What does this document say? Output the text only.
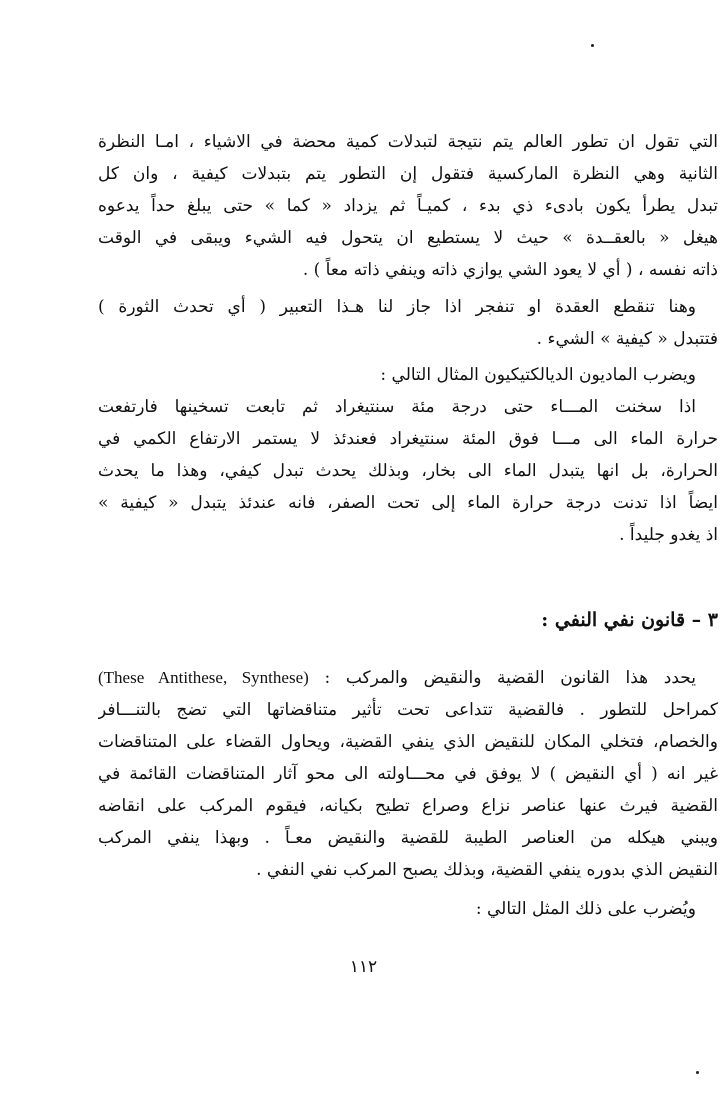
التي تقول ان تطور العالم يتم نتيجة لتبدلات كمية محضة في الاشياء ، امـا النظرة
الثانية وهي النظرة الماركسية فتقول إن التطور يتم بتبدلات كيفية ، وان كل
تبدل يطرأ يكون بادىء ذي بدء ، كميـاً ثم يزداد « كما » حتى يبلغ حداً يدعوه
هيغل « بالعقــدة » حيث لا يستطيع ان يتحول فيه الشيء ويبقى في الوقت
ذاته نفسه ، ( أي لا يعود الشي يوازي ذاته وينفي ذاته معاً ) .
وهنا تنقطع العقدة او تنفجر اذا جاز لنا هـذا التعبير ( أي تحدث الثورة )
فتتبدل « كيفية » الشيء .
ويضرب الماديون الديالكتيكيون المثال التالي :
اذا سخنت المـــاء حتى درجة مئة سنتيغراد ثم تابعت تسخينها فارتفعت
حرارة الماء الى مـــا فوق المئة سنتيغراد فعندئذ لا يستمر الارتفاع الكمي في
الحرارة، بل انها يتبدل الماء الى بخار، وبذلك يحدث تبدل كيفي، وهذا ما يحدث
ايضاً اذا تدنت درجة حرارة الماء إلى تحت الصفر، فانه عندئذ يتبدل « كيفية »
اذ يغدو جليداً .
٣ – قانون نفي النفي :
يحدد هذا القانون القضية والنقيض والمركب : (These Antithese, Synthese)
كمراحل للتطور . فالقضية تتداعى تحت تأثير متناقضاتها التي تضج بالتنـــافر
والخصام، فتخلي المكان للنقيض الذي ينفي القضية، ويحاول القضاء على المتناقضات
غير انه ( أي النقيض ) لا يوفق في محـــاولته الى محو آثار المتناقضات القائمة في
القضية فيرث عنها عناصر نزاع وصراع تطيح بكيانه، فيقوم المركب على انقاضه
ويبني هيكله من العناصر الطيبة للقضية والنقيض معـاً . وبهذا ينفي المركب
النقيض الذي بدوره ينفي القضية، وبذلك يصبح المركب نفي النفي .
ويُضرب على ذلك المثل التالي :
١١٢
